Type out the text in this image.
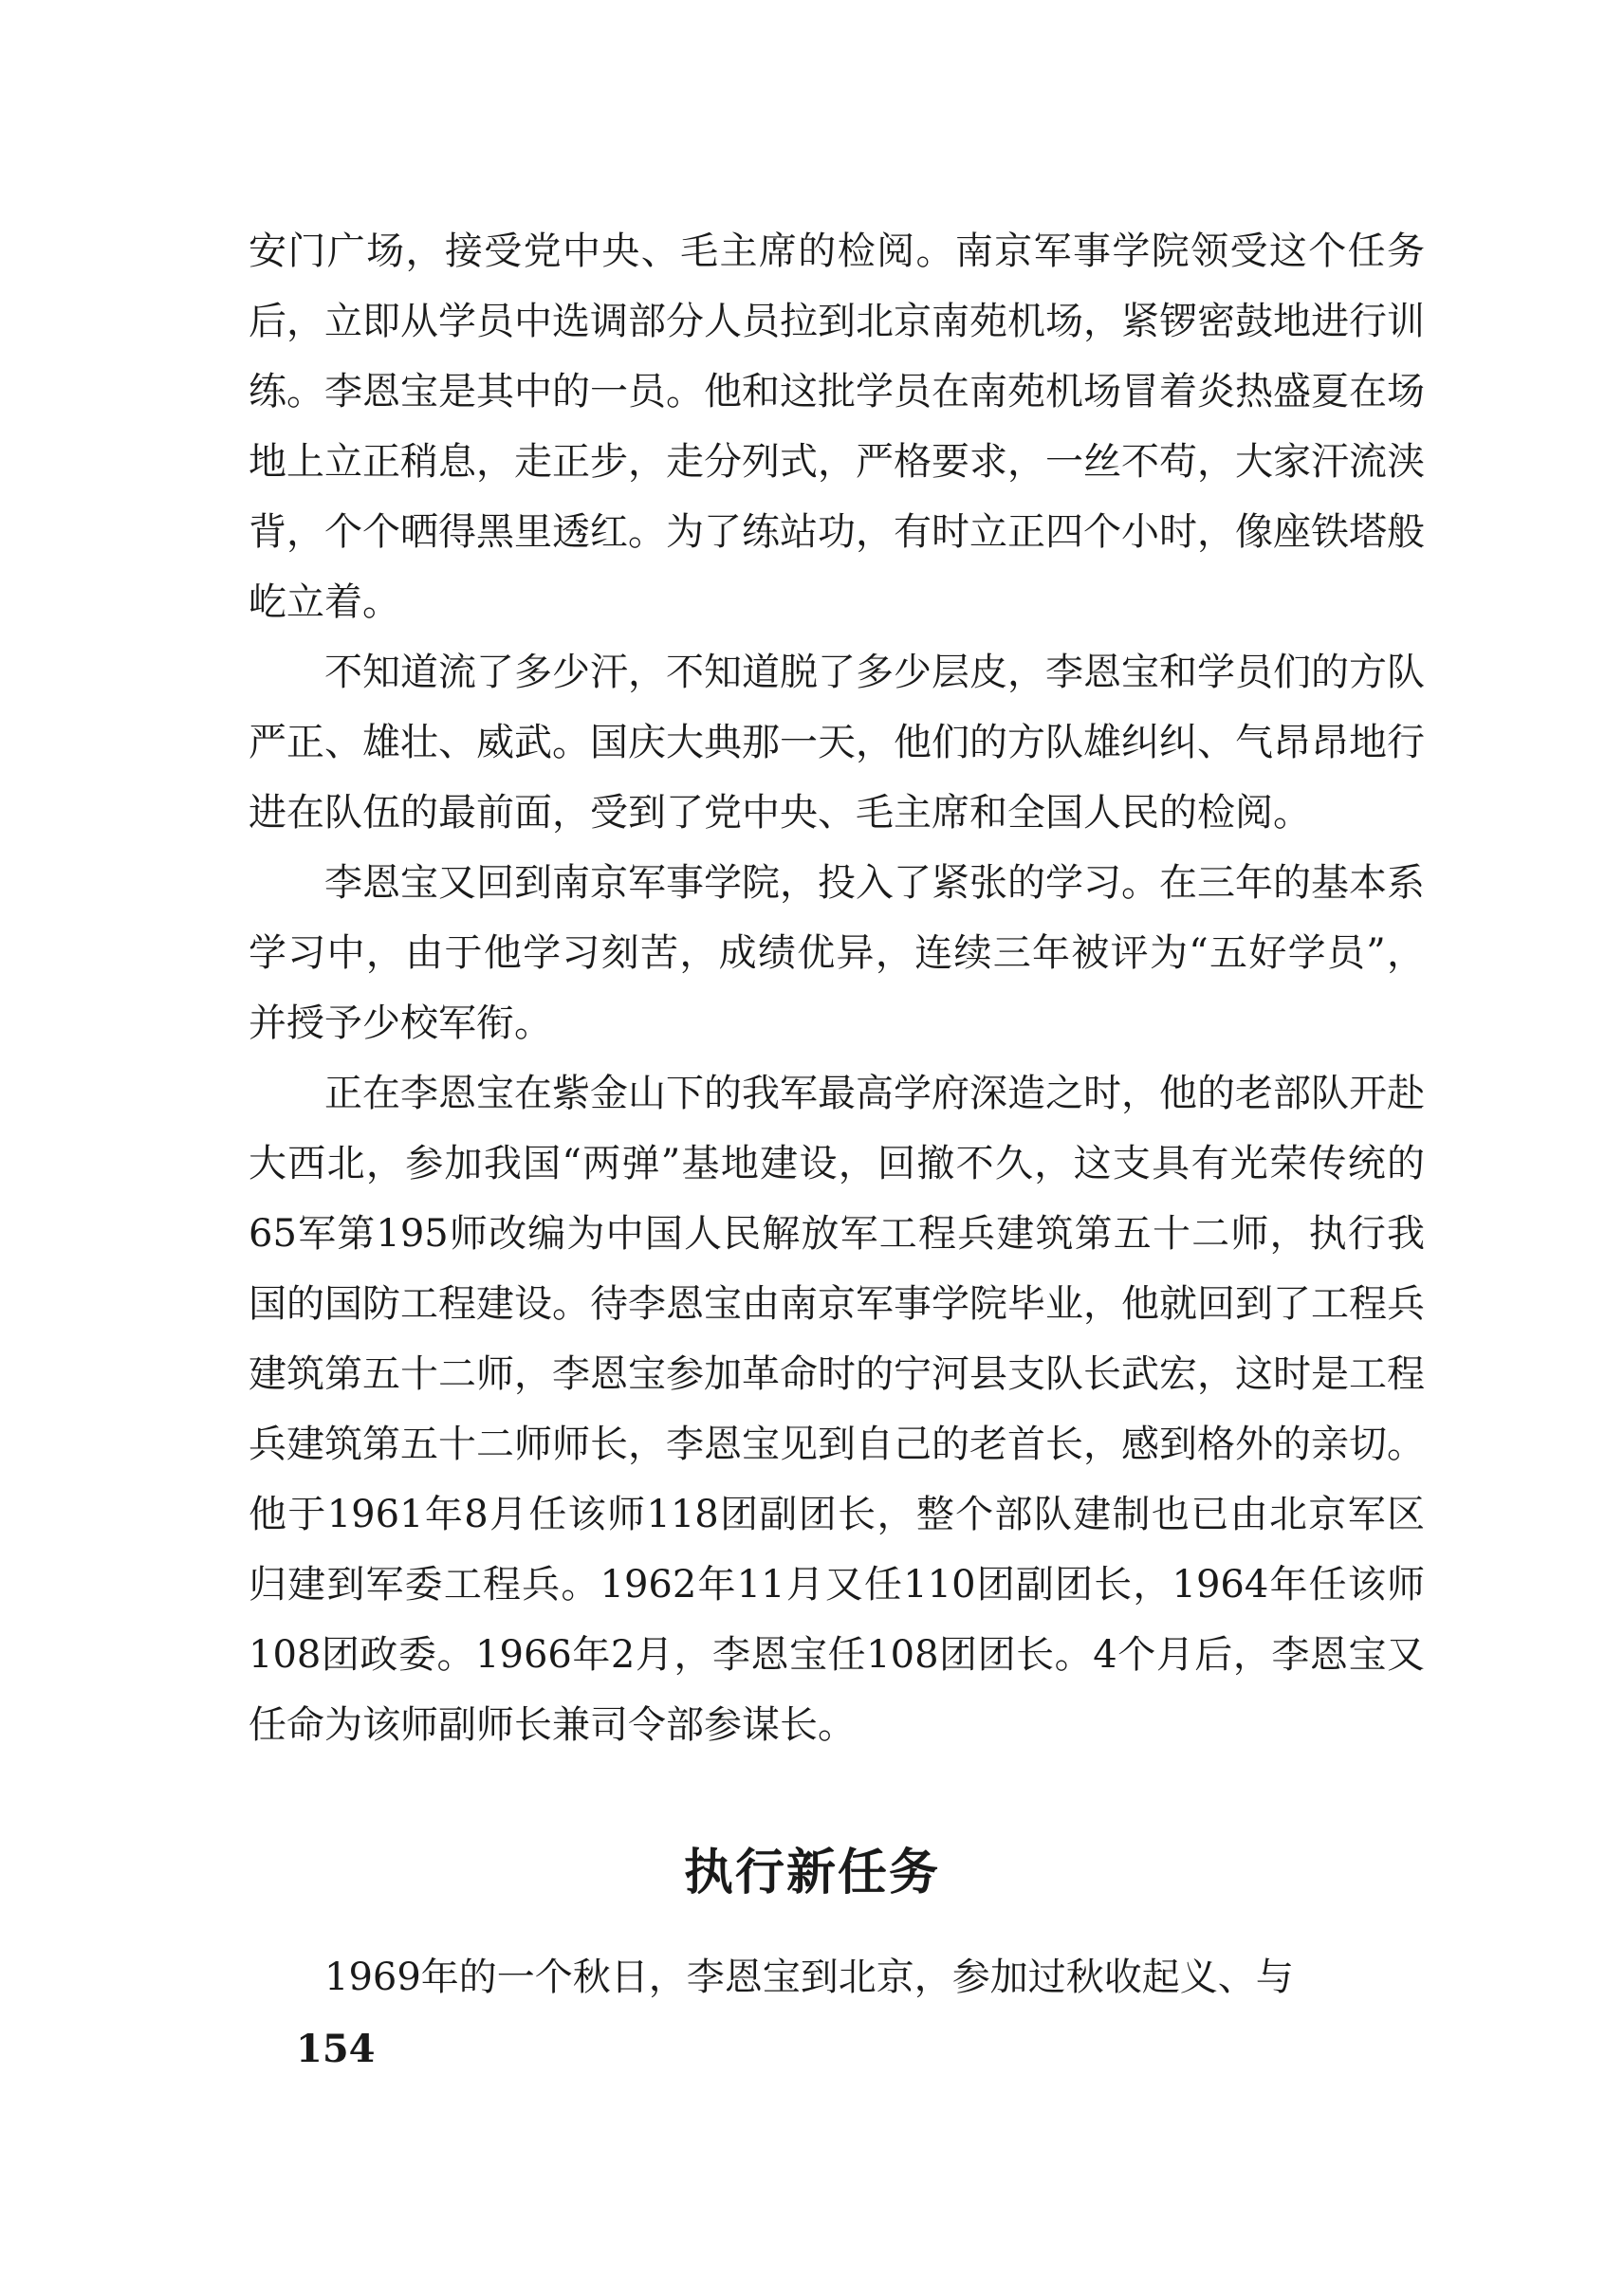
安门广场，接受党中央、毛主席的检阅。南京军事学院领受这个任务后，立即从学员中选调部分人员拉到北京南苑机场，紧锣密鼓地进行训练。李恩宝是其中的一员。他和这批学员在南苑机场冒着炎热盛夏在场地上立正稍息，走正步，走分列式，严格要求，一丝不苟，大家汗流浃背，个个晒得黑里透红。为了练站功，有时立正四个小时，像座铁塔般屹立着。

不知道流了多少汗，不知道脱了多少层皮，李恩宝和学员们的方队严正、雄壮、威武。国庆大典那一天，他们的方队雄纠纠、气昂昂地行进在队伍的最前面，受到了党中央、毛主席和全国人民的检阅。

李恩宝又回到南京军事学院，投入了紧张的学习。在三年的基本系学习中，由于他学习刻苦，成绩优异，连续三年被评为“五好学员”，并授予少校军衔。

正在李恩宝在紫金山下的我军最高学府深造之时，他的老部队开赴大西北，参加我国“两弹”基地建设，回撤不久，这支具有光荣传统的65军第195师改编为中国人民解放军工程兵建筑第五十二师，执行我国的国防工程建设。待李恩宝由南京军事学院毕业，他就回到了工程兵建筑第五十二师，李恩宝参加革命时的宁河县支队长武宏，这时是工程兵建筑第五十二师师长，李恩宝见到自己的老首长，感到格外的亲切。他于1961年8月任该师118团副团长，整个部队建制也已由北京军区归建到军委工程兵。1962年11月又任110团副团长，1964年任该师108团政委。1966年2月，李恩宝任108团团长。4个月后，李恩宝又任命为该师副师长兼司令部参谋长。

执行新任务
1969年的一个秋日，李恩宝到北京，参加过秋收起义、与
154
